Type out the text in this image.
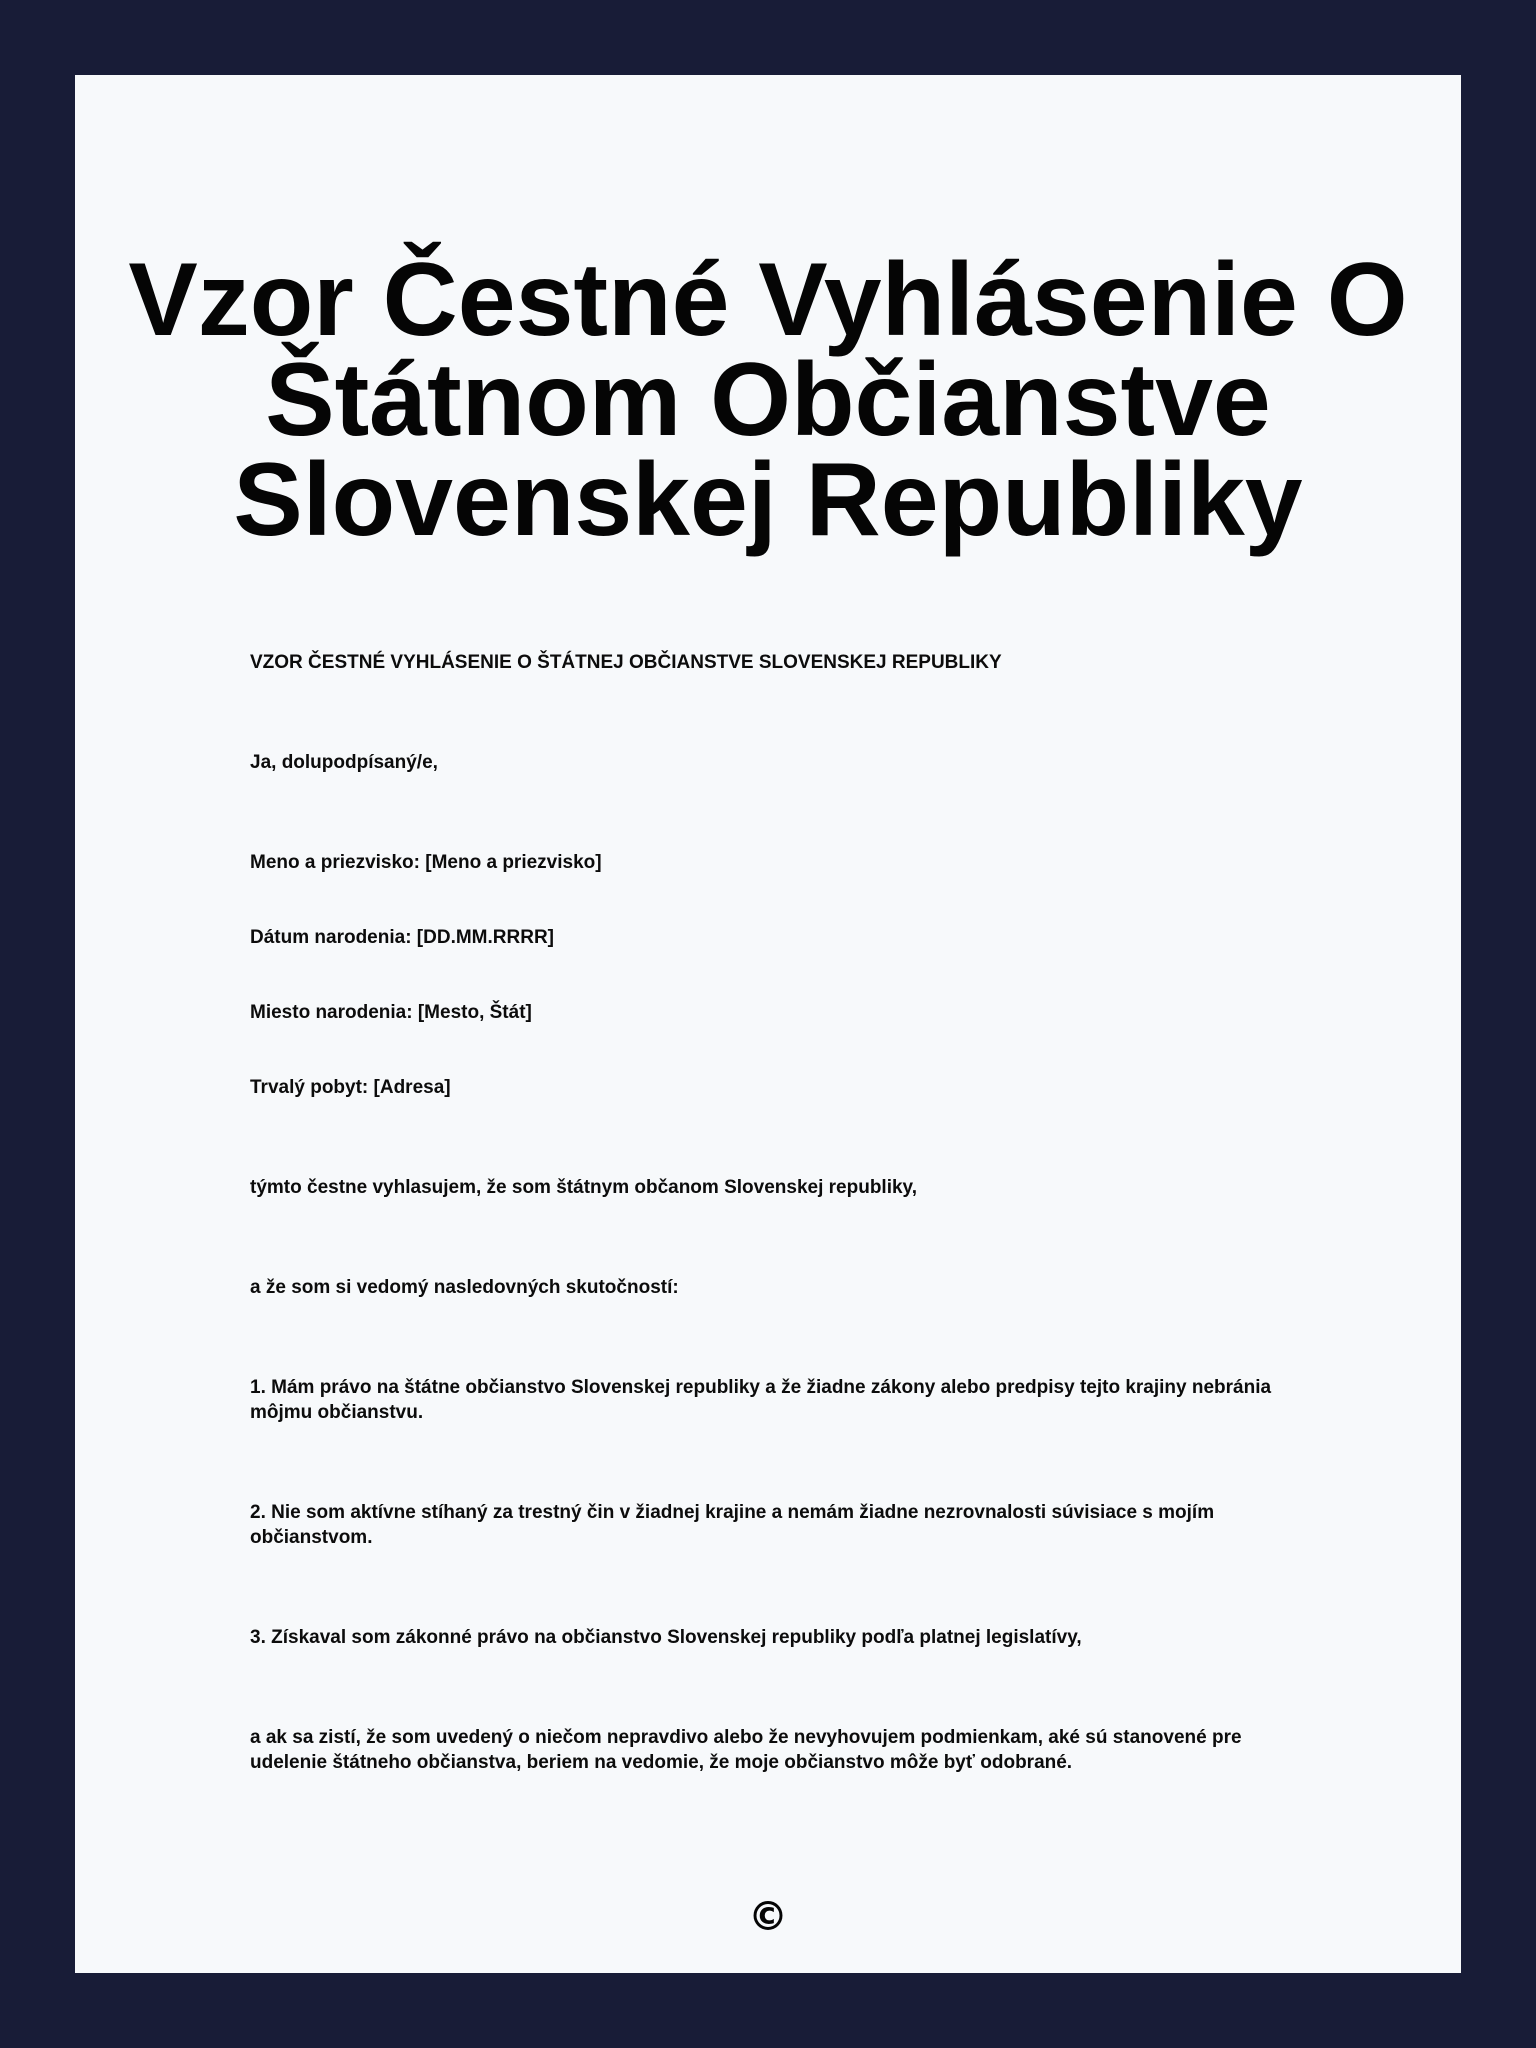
Vzor Čestné Vyhlásenie O Štátnom Občianstve Slovenskej Republiky

VZOR ČESTNÉ VYHLÁSENIE O ŠTÁTNEJ OBČIANSTVE SLOVENSKEJ REPUBLIKY

Ja, dolupodpísaný/e,

Meno a priezvisko: [Meno a priezvisko]

Dátum narodenia: [DD.MM.RRRR]

Miesto narodenia: [Mesto, Štát]

Trvalý pobyt: [Adresa]

týmto čestne vyhlasujem, že som štátnym občanom Slovenskej republiky,

a že som si vedomý nasledovných skutočností:

1. Mám právo na štátne občianstvo Slovenskej republiky a že žiadne zákony alebo predpisy tejto krajiny nebránia môjmu občianstvu.

2. Nie som aktívne stíhaný za trestný čin v žiadnej krajine a nemám žiadne nezrovnalosti súvisiace s mojím občianstvom.

3. Získaval som zákonné právo na občianstvo Slovenskej republiky podľa platnej legislatívy,

a ak sa zistí, že som uvedený o niečom nepravdivo alebo že nevyhovujem podmienkam, aké sú stanovené pre udelenie štátneho občianstva, beriem na vedomie, že moje občianstvo môže byť odobrané.

©
